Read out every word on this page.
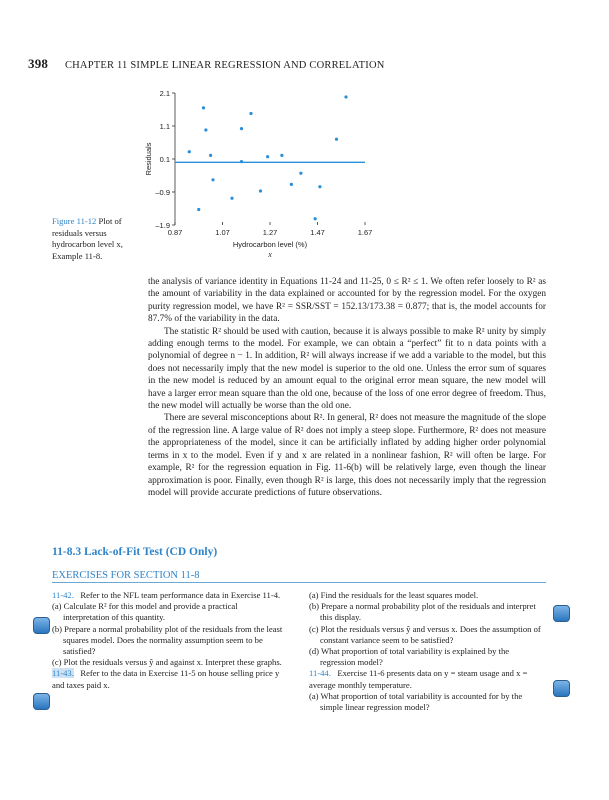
398 CHAPTER 11 SIMPLE LINEAR REGRESSION AND CORRELATION
2.1
1.1
0.1
–0.9
–1.9
0.87	1.07	1.27	1.47	1.67
Residuals
Hydrocarbon level (%)
x
Figure 11-12 Plot of residuals versus hydrocarbon level x, Example 11-8.

the analysis of variance identity in Equations 11-24 and 11-25, 0 ≤ R² ≤ 1. We often refer loosely to R² as the amount of variability in the data explained or accounted for by the regression model. For the oxygen purity regression model, we have R² = SSR/SST = 152.13/173.38 = 0.877; that is, the model accounts for 87.7% of the variability in the data.

The statistic R² should be used with caution, because it is always possible to make R² unity by simply adding enough terms to the model. For example, we can obtain a “perfect” fit to n data points with a polynomial of degree n − 1. In addition, R² will always increase if we add a variable to the model, but this does not necessarily imply that the new model is superior to the old one. Unless the error sum of squares in the new model is reduced by an amount equal to the original error mean square, the new model will have a larger error mean square than the old one, because of the loss of one error degree of freedom. Thus, the new model will actually be worse than the old one.

There are several misconceptions about R². In general, R² does not measure the magnitude of the slope of the regression line. A large value of R² does not imply a steep slope. Furthermore, R² does not measure the appropriateness of the model, since it can be artificially inflated by adding higher order polynomial terms in x to the model. Even if y and x are related in a nonlinear fashion, R² will often be large. For example, R² for the regression equation in Fig. 11-6(b) will be relatively large, even though the linear approximation is poor. Finally, even though R² is large, this does not necessarily imply that the regression model will provide accurate predictions of future observations.

11-8.3 Lack-of-Fit Test (CD Only)
EXERCISES FOR SECTION 11-8

11-42. Refer to the NFL team performance data in Exercise 11-4.

(a) Calculate R² for this model and provide a practical interpretation of this quantity.

(b) Prepare a normal probability plot of the residuals from the least squares model. Does the normality assumption seem to be satisfied?

(c) Plot the residuals versus ŷ and against x. Interpret these graphs.

11-43. Refer to the data in Exercise 11-5 on house selling price y and taxes paid x.

(a) Find the residuals for the least squares model.

(b) Prepare a normal probability plot of the residuals and interpret this display.

(c) Plot the residuals versus ŷ and versus x. Does the assumption of constant variance seem to be satisfied?

(d) What proportion of total variability is explained by the regression model?

11-44. Exercise 11-6 presents data on y = steam usage and x = average monthly temperature.

(a) What proportion of total variability is accounted for by the simple linear regression model?
